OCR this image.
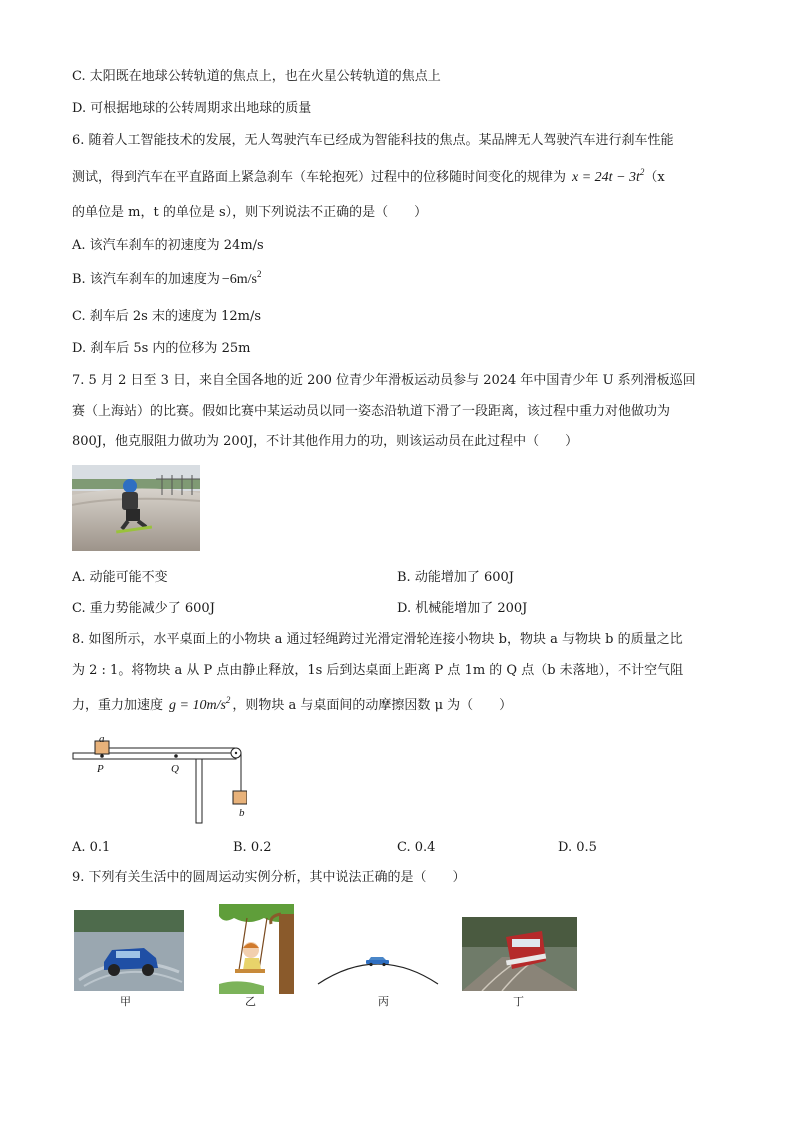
C. 太阳既在地球公转轨道的焦点上，也在火星公转轨道的焦点上
D. 可根据地球的公转周期求出地球的质量
6. 随着人工智能技术的发展，无人驾驶汽车已经成为智能科技的焦点。某品牌无人驾驶汽车进行刹车性能
测试，得到汽车在平直路面上紧急刹车（车轮抱死）过程中的位移随时间变化的规律为 $x = 24t - 3t^2(x$
的单位是 m，t 的单位是 s），则下列说法不正确的是（　　）
A. 该汽车刹车的初速度为 24m/s
B. 该汽车刹车的加速度为 $-6m/s^2$
C. 刹车后 2s 末的速度为 12m/s
D. 刹车后 5s 内的位移为 25m
7. 5 月 2 日至 3 日，来自全国各地的近 200 位青少年滑板运动员参与 2024 年中国青少年 U 系列滑板巡回
赛（上海站）的比赛。假如比赛中某运动员以同一姿态沿轨道下滑了一段距离，该过程中重力对他做功为
800J，他克服阻力做功为 200J，不计其他作用力的功，则该运动员在此过程中（　　）
A. 动能可能不变	B. 动能增加了 600J
C. 重力势能减少了 600J	D. 机械能增加了 200J
8. 如图所示，水平桌面上的小物块 a 通过轻绳跨过光滑定滑轮连接小物块 b，物块 a 与物块 b 的质量之比
为 2 : 1。将物块 a 从 P 点由静止释放，1s 后到达桌面上距离 P 点 1m 的 Q 点（b 未落地），不计空气阻
力，重力加速度 $g = 10m/s^2$ ，则物块 a 与桌面间的动摩擦因数 μ 为（　　）
a
P	Q
b
A. 0.1	B. 0.2	C. 0.4	D. 0.5
9. 下列有关生活中的圆周运动实例分析，其中说法正确的是（　　）
甲	乙	丙	丁
